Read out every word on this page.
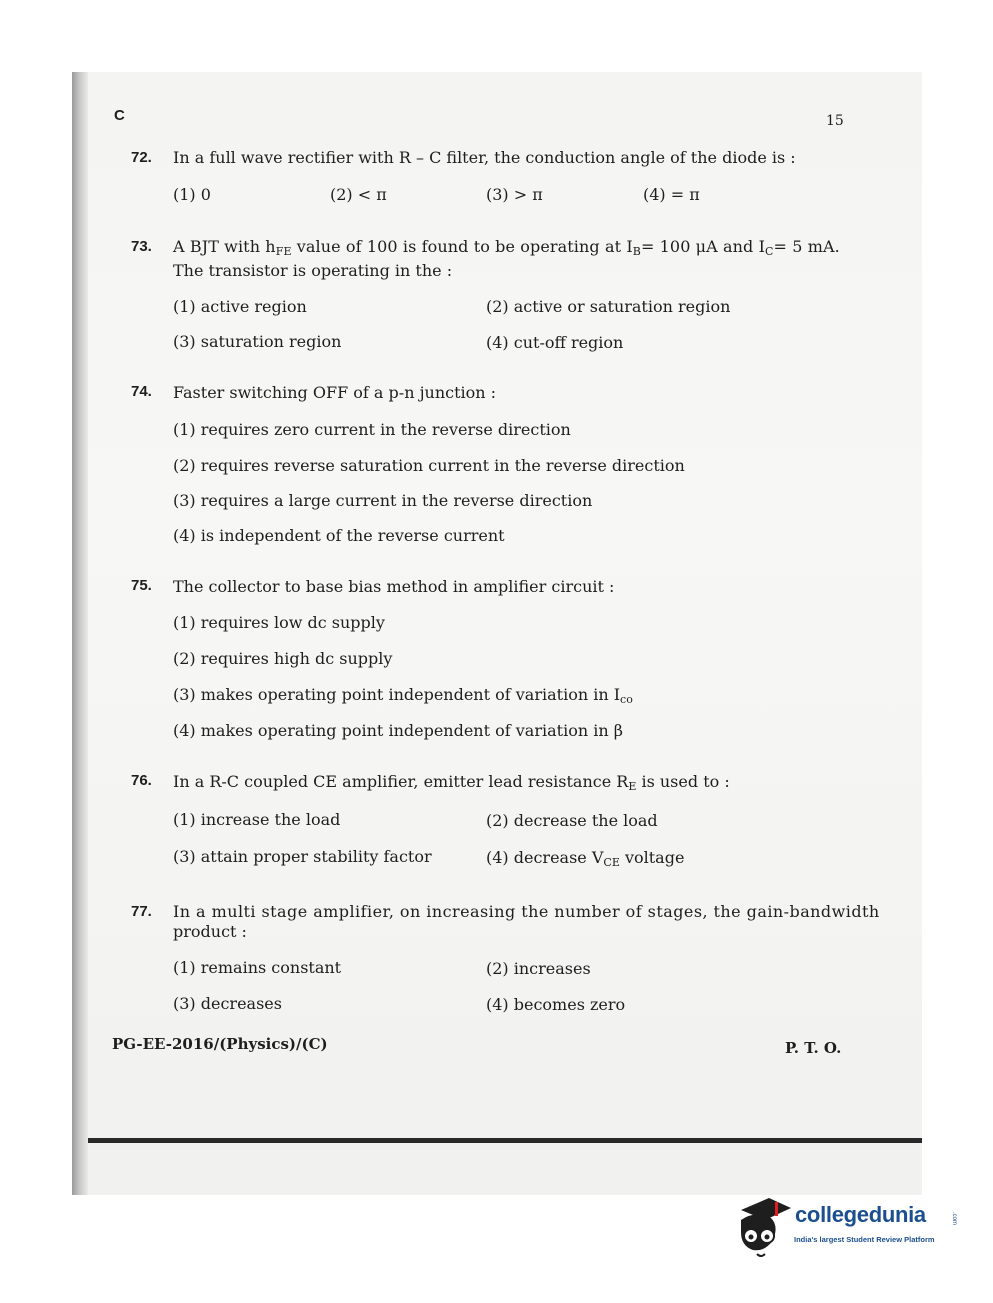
C	15
72. In a full wave rectifier with R – C filter, the conduction angle of the diode is :
(1) 0	(2) < π	(3) > π	(4) = π
73. A BJT with $h_{FE}$ value of 100 is found to be operating at $I_B= 100$ μA and $I_C= 5$ mA.
The transistor is operating in the :
(1) active region	(2) active or saturation region
(3) saturation region	(4) cut-off region
74. Faster switching OFF of a p-n junction :
(1) requires zero current in the reverse direction
(2) requires reverse saturation current in the reverse direction
(3) requires a large current in the reverse direction
(4) is independent of the reverse current
75. The collector to base bias method in amplifier circuit :
(1) requires low dc supply
(2) requires high dc supply
(3) makes operating point independent of variation in $I_{co}$
(4) makes operating point independent of variation in β
76. In a R-C coupled CE amplifier, emitter lead resistance $R_E$ is used to :
(1) increase the load	(2) decrease the load
(3) attain proper stability factor	(4) decrease $V_{CE}$ voltage
77. In a multi stage amplifier, on increasing the number of stages, the gain-bandwidth
product :
(1) remains constant	(2) increases
(3) decreases	(4) becomes zero
PG-EE-2016/(Physics)/(C)	P. T. O.
collegedunia	.com
India's largest Student Review Platform
